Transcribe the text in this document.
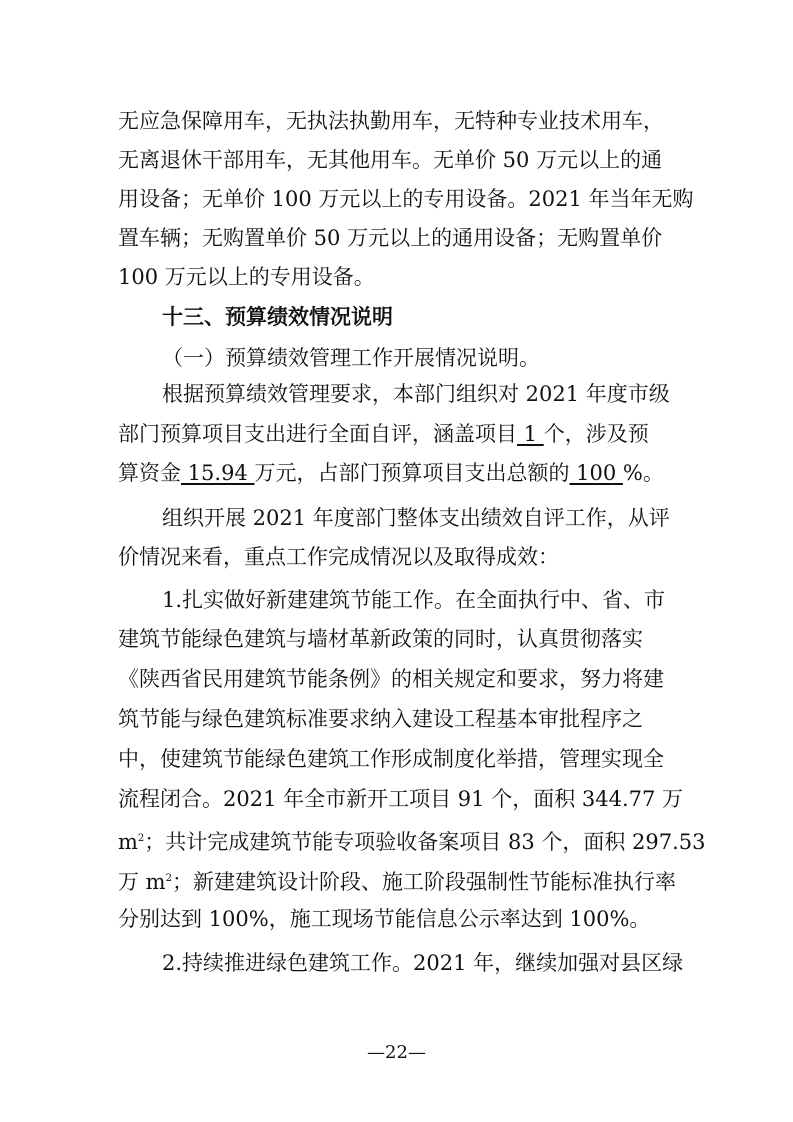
无应急保障用车，无执法执勤用车，无特种专业技术用车，
无离退休干部用车，无其他用车。无单价 50 万元以上的通
用设备；无单价 100 万元以上的专用设备。2021 年当年无购
置车辆；无购置单价 50 万元以上的通用设备；无购置单价
100 万元以上的专用设备。
十三、预算绩效情况说明
（一）预算绩效管理工作开展情况说明。
根据预算绩效管理要求，本部门组织对 2021 年度市级
部门预算项目支出进行全面自评，涵盖项目 1 个，涉及预
算资金 15.94 万元，占部门预算项目支出总额的 100 %。
组织开展 2021 年度部门整体支出绩效自评工作，从评
价情况来看，重点工作完成情况以及取得成效：
1.扎实做好新建建筑节能工作。在全面执行中、省、市
建筑节能绿色建筑与墙材革新政策的同时，认真贯彻落实
《陕西省民用建筑节能条例》的相关规定和要求，努力将建
筑节能与绿色建筑标准要求纳入建设工程基本审批程序之
中，使建筑节能绿色建筑工作形成制度化举措，管理实现全
流程闭合。2021 年全市新开工项目 91 个，面积 344.77 万
$m^2$；共计完成建筑节能专项验收备案项目 83 个，面积 297.53
万 $m^2$；新建建筑设计阶段、施工阶段强制性节能标准执行率
分别达到 100%，施工现场节能信息公示率达到 100%。
2.持续推进绿色建筑工作。2021 年，继续加强对县区绿
—22—
